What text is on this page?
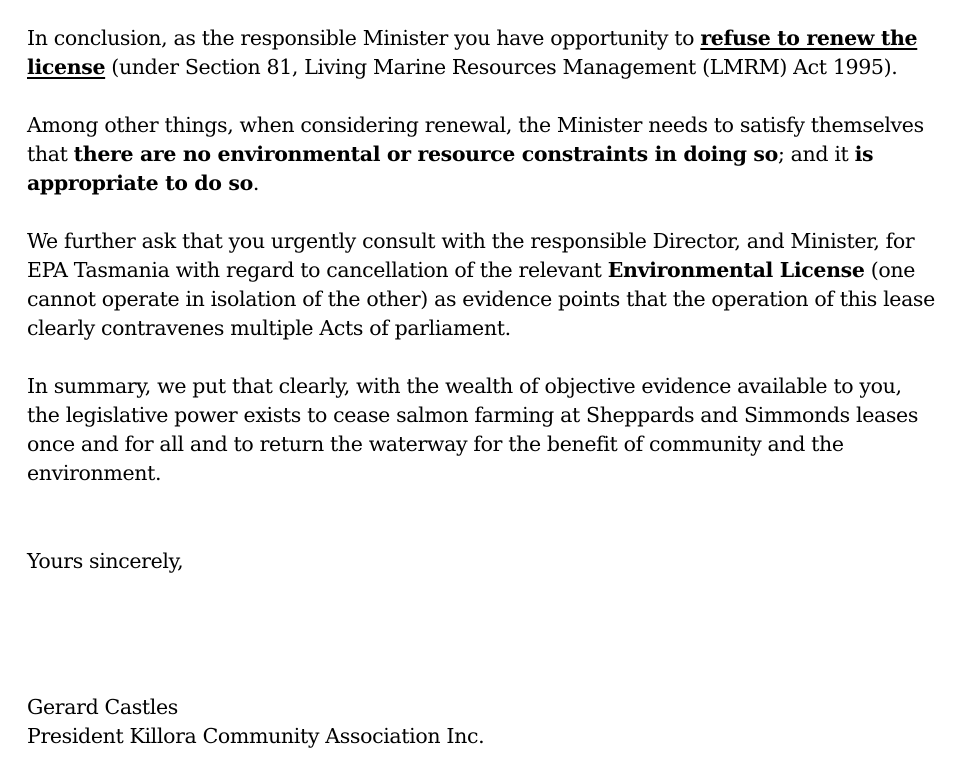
In conclusion, as the responsible Minister you have opportunity to refuse to renew the
license (under Section 81, Living Marine Resources Management (LMRM) Act 1995).

Among other things, when considering renewal, the Minister needs to satisfy themselves that there are no environmental or resource constraints in doing so; and it is appropriate to do so.

We further ask that you urgently consult with the responsible Director, and Minister, for EPA Tasmania with regard to cancellation of the relevant Environmental License (one cannot operate in isolation of the other) as evidence points that the operation of this lease clearly contravenes multiple Acts of parliament.

In summary, we put that clearly, with the wealth of objective evidence available to you, the legislative power exists to cease salmon farming at Sheppards and Simmonds leases once and for all and to return the waterway for the benefit of community and the environment.

Yours sincerely,

Gerard Castles

President Killora Community Association Inc.
